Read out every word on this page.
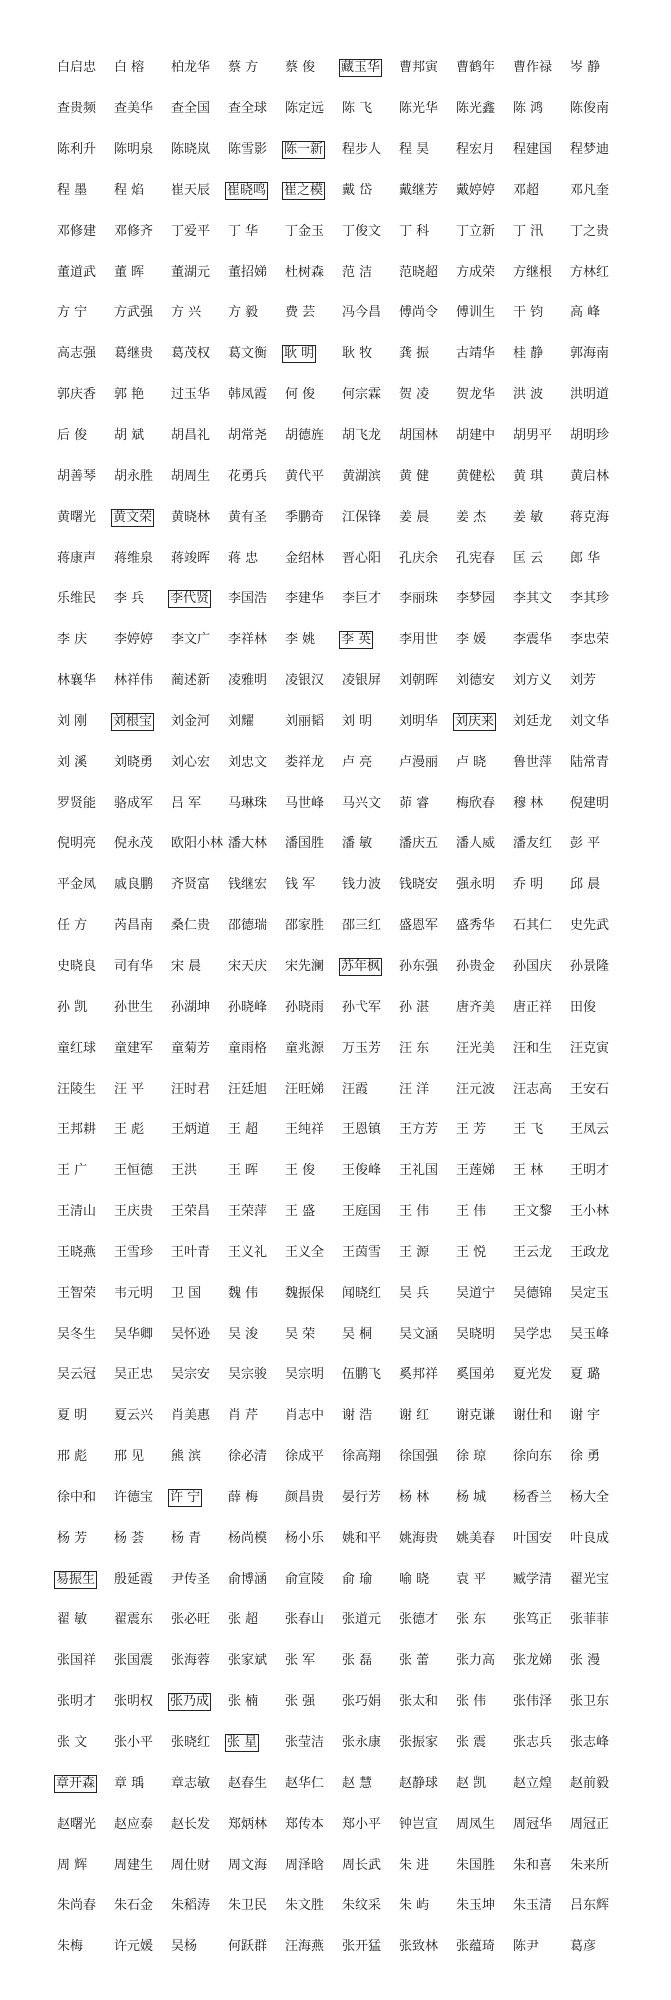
白启忠 白 榕 柏龙华 蔡 方 蔡 俊 藏玉华 曹邦寅 曹鹤年 曹作禄 岑 静
查贵频 查美华 查全国 查全球 陈定远 陈 飞 陈光华 陈光鑫 陈 鸿 陈俊南
陈利升 陈明泉 陈晓岚 陈雪影 陈一新 程步人 程 昊 程宏月 程建国 程梦迪
程 墨 程 焰 崔天辰 崔晓鸣 崔之模 戴 岱 戴继芳 戴婷婷 邓超 邓凡奎
邓修建 邓修齐 丁爱平 丁 华 丁金玉 丁俊文 丁 科 丁立新 丁 汛 丁之贵
董道武 董 晖 董湖元 董招娣 杜树森 范 洁 范晓超 方成荣 方继根 方林红
方 宁 方武强 方 兴 方 毅 费 芸 冯今昌 傅尚令 傅训生 干 钧 高 峰
高志强 葛继贵 葛茂权 葛文衡 耿 明 耿 牧 龚 振 古靖华 桂 静 郭海南
郭庆香 郭 艳 过玉华 韩凤霞 何 俊 何宗霖 贺 凌 贺龙华 洪 波 洪明道
后 俊 胡 斌 胡昌礼 胡常尧 胡德旌 胡飞龙 胡国林 胡建中 胡男平 胡明珍
胡善琴 胡永胜 胡周生 花勇兵 黄代平 黄湖滨 黄 健 黄健松 黄 琪 黄启林
黄曙光 黄文荣 黄晓林 黄有圣 季鹏奇 江保锋 姜 晨 姜 杰 姜 敏 蒋克海
蒋康声 蒋维泉 蒋竣晖 蒋 忠 金绍林 晋心阳 孔庆余 孔宪春 匡 云 郎 华
乐维民 李 兵 李代贤 李国浩 李建华 李巨才 李丽珠 李梦园 李其文 李其珍
李 庆 李婷婷 李文广 李祥林 李 姚 李 英 李用世 李 媛 李震华 李忠荣
林襄华 林祥伟 蔺述新 凌雅明 凌银汉 凌银屏 刘朝晖 刘德安 刘方义 刘芳
刘 刚 刘根宝 刘金河 刘耀 刘丽韬 刘 明 刘明华 刘庆来 刘廷龙 刘文华
刘 溪 刘晓勇 刘心宏 刘忠文 娄祥龙 卢 亮 卢漫丽 卢 晓 鲁世萍 陆常青
罗贤能 骆成军 吕 军 马琳珠 马世峰 马兴文 茆 睿 梅欣春 穆 林 倪建明
倪明亮 倪永茂 欧阳小林 潘大林 潘国胜 潘 敏 潘庆五 潘人威 潘友红 彭 平
平金凤 戚良鹏 齐贤富 钱继宏 钱 军 钱力波 钱晓安 强永明 乔 明 邱 晨
任 方 芮昌南 桑仁贵 邵德瑞 邵家胜 邵三红 盛恩军 盛秀华 石其仁 史先武
史晓良 司有华 宋 晨 宋天庆 宋先澜 苏年枫 孙东强 孙贵金 孙国庆 孙景隆
孙 凯 孙世生 孙湖坤 孙晓峰 孙晓雨 孙弋军 孙 湛 唐齐美 唐正祥 田俊
童红球 童建军 童菊芳 童雨格 童兆源 万玉芳 汪 东 汪光美 汪和生 汪克寅
汪陵生 汪 平 汪时君 汪廷旭 汪旺娣 汪霞 汪 洋 汪元波 汪志高 王安石
王邦耕 王 彪 王炳道 王 超 王纯祥 王恩镇 王方芳 王 芳 王 飞 王凤云
王 广 王恒德 王洪 王 晖 王 俊 王俊峰 王礼国 王莲娣 王 林 王明才
王清山 王庆贵 王荣昌 王荣萍 王 盛 王庭国 王 伟 王 伟 王文黎 王小林
王晓燕 王雪珍 王叶青 王义礼 王义全 王茵雪 王 源 王 悦 王云龙 王政龙
王智荣 韦元明 卫 国 魏 伟 魏振保 闻晓红 吴 兵 吴道宁 吴德锦 吴定玉
吴冬生 吴华卿 吴怀逊 吴 浚 吴 荣 吴 桐 吴文涵 吴晓明 吴学忠 吴玉峰
吴云冠 吴正忠 吴宗安 吴宗骏 吴宗明 伍鹏飞 奚邦祥 奚国弟 夏光发 夏 璐
夏 明 夏云兴 肖美惠 肖 芹 肖志中 谢 浩 谢 红 谢克谦 谢仕和 谢 宇
邢 彪 邢 见 熊 滨 徐必清 徐成平 徐高翔 徐国强 徐 琼 徐向东 徐 勇
徐中和 许德宝 许 宁 薛 梅 颜昌贵 晏行芳 杨 林 杨 城 杨香兰 杨大全
杨 芳 杨 荟 杨 青 杨尚模 杨小乐 姚和平 姚海贵 姚美春 叶国安 叶良成
易振生 殷延霞 尹传圣 俞博涵 俞宣陵 俞 瑜 喻 晓 袁 平 臧学清 翟光宝
翟 敏 翟震东 张必旺 张 超 张春山 张道元 张德才 张 东 张笃正 张菲菲
张国祥 张国震 张海蓉 张家斌 张 军 张 磊 张 蕾 张力高 张龙娣 张 漫
张明才 张明权 张乃成 张 楠 张 强 张巧娟 张太和 张 伟 张伟泽 张卫东
张 文 张小平 张晓红 张 星 张莹洁 张永康 张振家 张 震 张志兵 张志峰
章开森 章 瑀 章志敏 赵春生 赵华仁 赵 慧 赵静球 赵 凯 赵立煌 赵前毅
赵曙光 赵应泰 赵长发 郑炳林 郑传本 郑小平 钟岂宣 周凤生 周冠华 周冠正
周 辉 周建生 周仕财 周文海 周泽晗 周长武 朱 进 朱国胜 朱和喜 朱来所
朱尚春 朱石金 朱稻涛 朱卫民 朱文胜 朱纹采 朱 屿 朱玉坤 朱玉清 吕东辉
朱梅 许元媛 吴杨 何跃群 汪海燕 张开猛 张致林 张蕴琦 陈尹 葛彦
